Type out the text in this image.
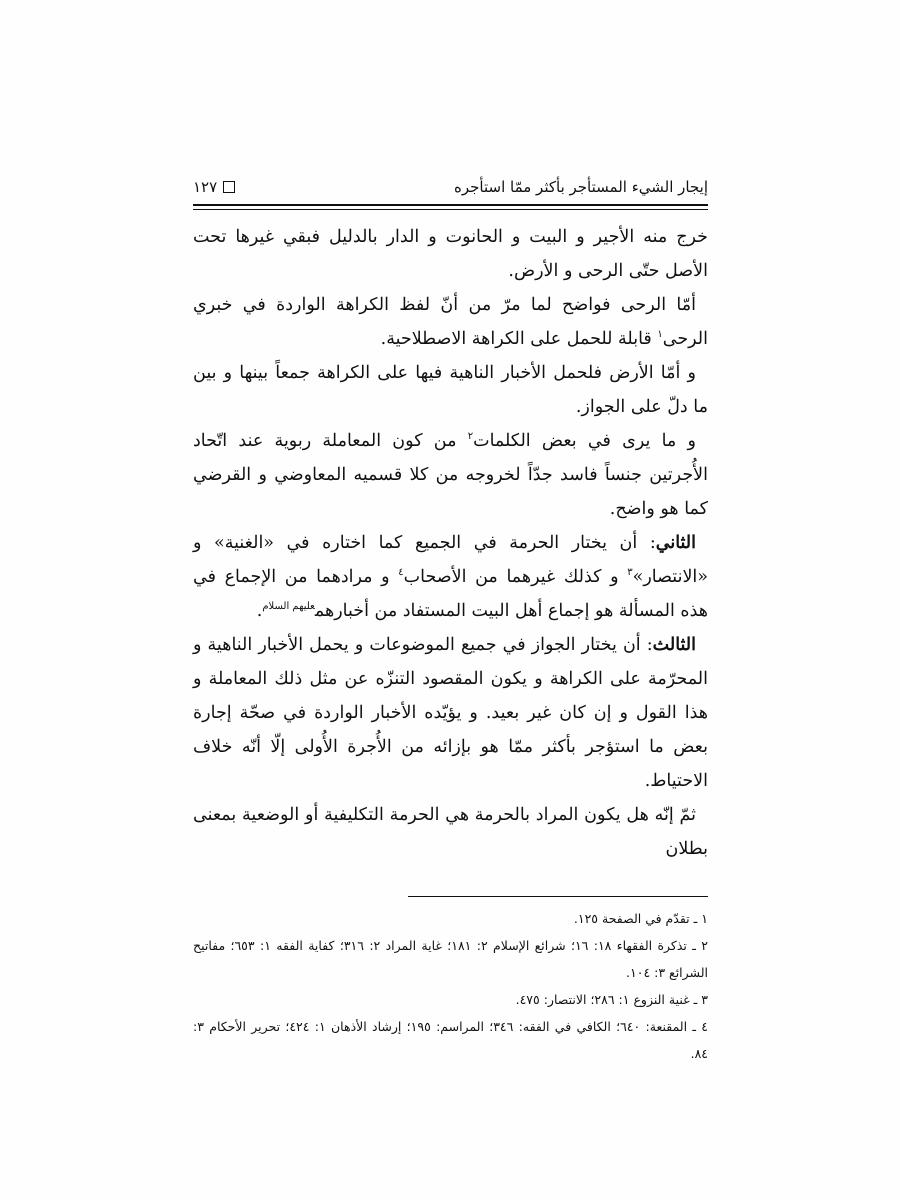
إيجار الشيء المستأجر بأكثر ممّا استأجره
١٢٧

خرج منه الأجير و البيت و الحانوت و الدار بالدليل فبقي غيرها تحت الأصل حتّى الرحى و الأرض.

أمّا الرحى فواضح لما مرّ من أنّ لفظ الكراهة الواردة في خبري الرحى$^١$ قابلة للحمل على الكراهة الاصطلاحية.

و أمّا الأرض فلحمل الأخبار الناهية فيها على الكراهة جمعاً بينها و بين ما دلّ على الجواز.

و ما يرى في بعض الكلمات$^٢$ من كون المعاملة ربوية عند اتّحاد الأُجرتين جنساً فاسد جدّاً لخروجه من كلا قسميه المعاوضي و القرضي كما هو واضح.

الثاني: أن يختار الحرمة في الجميع كما اختاره في «الغنية» و «الانتصار»$^٣$ و كذلك غيرهما من الأصحاب$^٤$ و مرادهما من الإجماع في هذه المسألة هو إجماع أهل البيت المستفاد من أخبارهم$^{عليهم السلام}$.

الثالث: أن يختار الجواز في جميع الموضوعات و يحمل الأخبار الناهية و المحرّمة على الكراهة و يكون المقصود التنزّه عن مثل ذلك المعاملة و هذا القول و إن كان غير بعيد. و يؤيّده الأخبار الواردة في صحّة إجارة بعض ما استؤجر بأكثر ممّا هو بإزائه من الأُجرة الأُولى إلّا أنّه خلاف الاحتياط.

ثمّ إنّه هل يكون المراد بالحرمة هي الحرمة التكليفية أو الوضعية بمعنى بطلان

١ ـ تقدّم في الصفحة ١٢٥.

٢ ـ تذكرة الفقهاء ١٨: ١٦؛ شرائع الإسلام ٢: ١٨١؛ غاية المراد ٢: ٣١٦؛ كفاية الفقه ١: ٦٥٣؛ مفاتيح الشرائع ٣: ١٠٤.

٣ ـ غنية النزوع ١: ٢٨٦؛ الانتصار: ٤٧٥.

٤ ـ المقنعة: ٦٤٠؛ الكافي في الفقه: ٣٤٦؛ المراسم: ١٩٥؛ إرشاد الأذهان ١: ٤٢٤؛ تحرير الأحكام ٣: ٨٤.
